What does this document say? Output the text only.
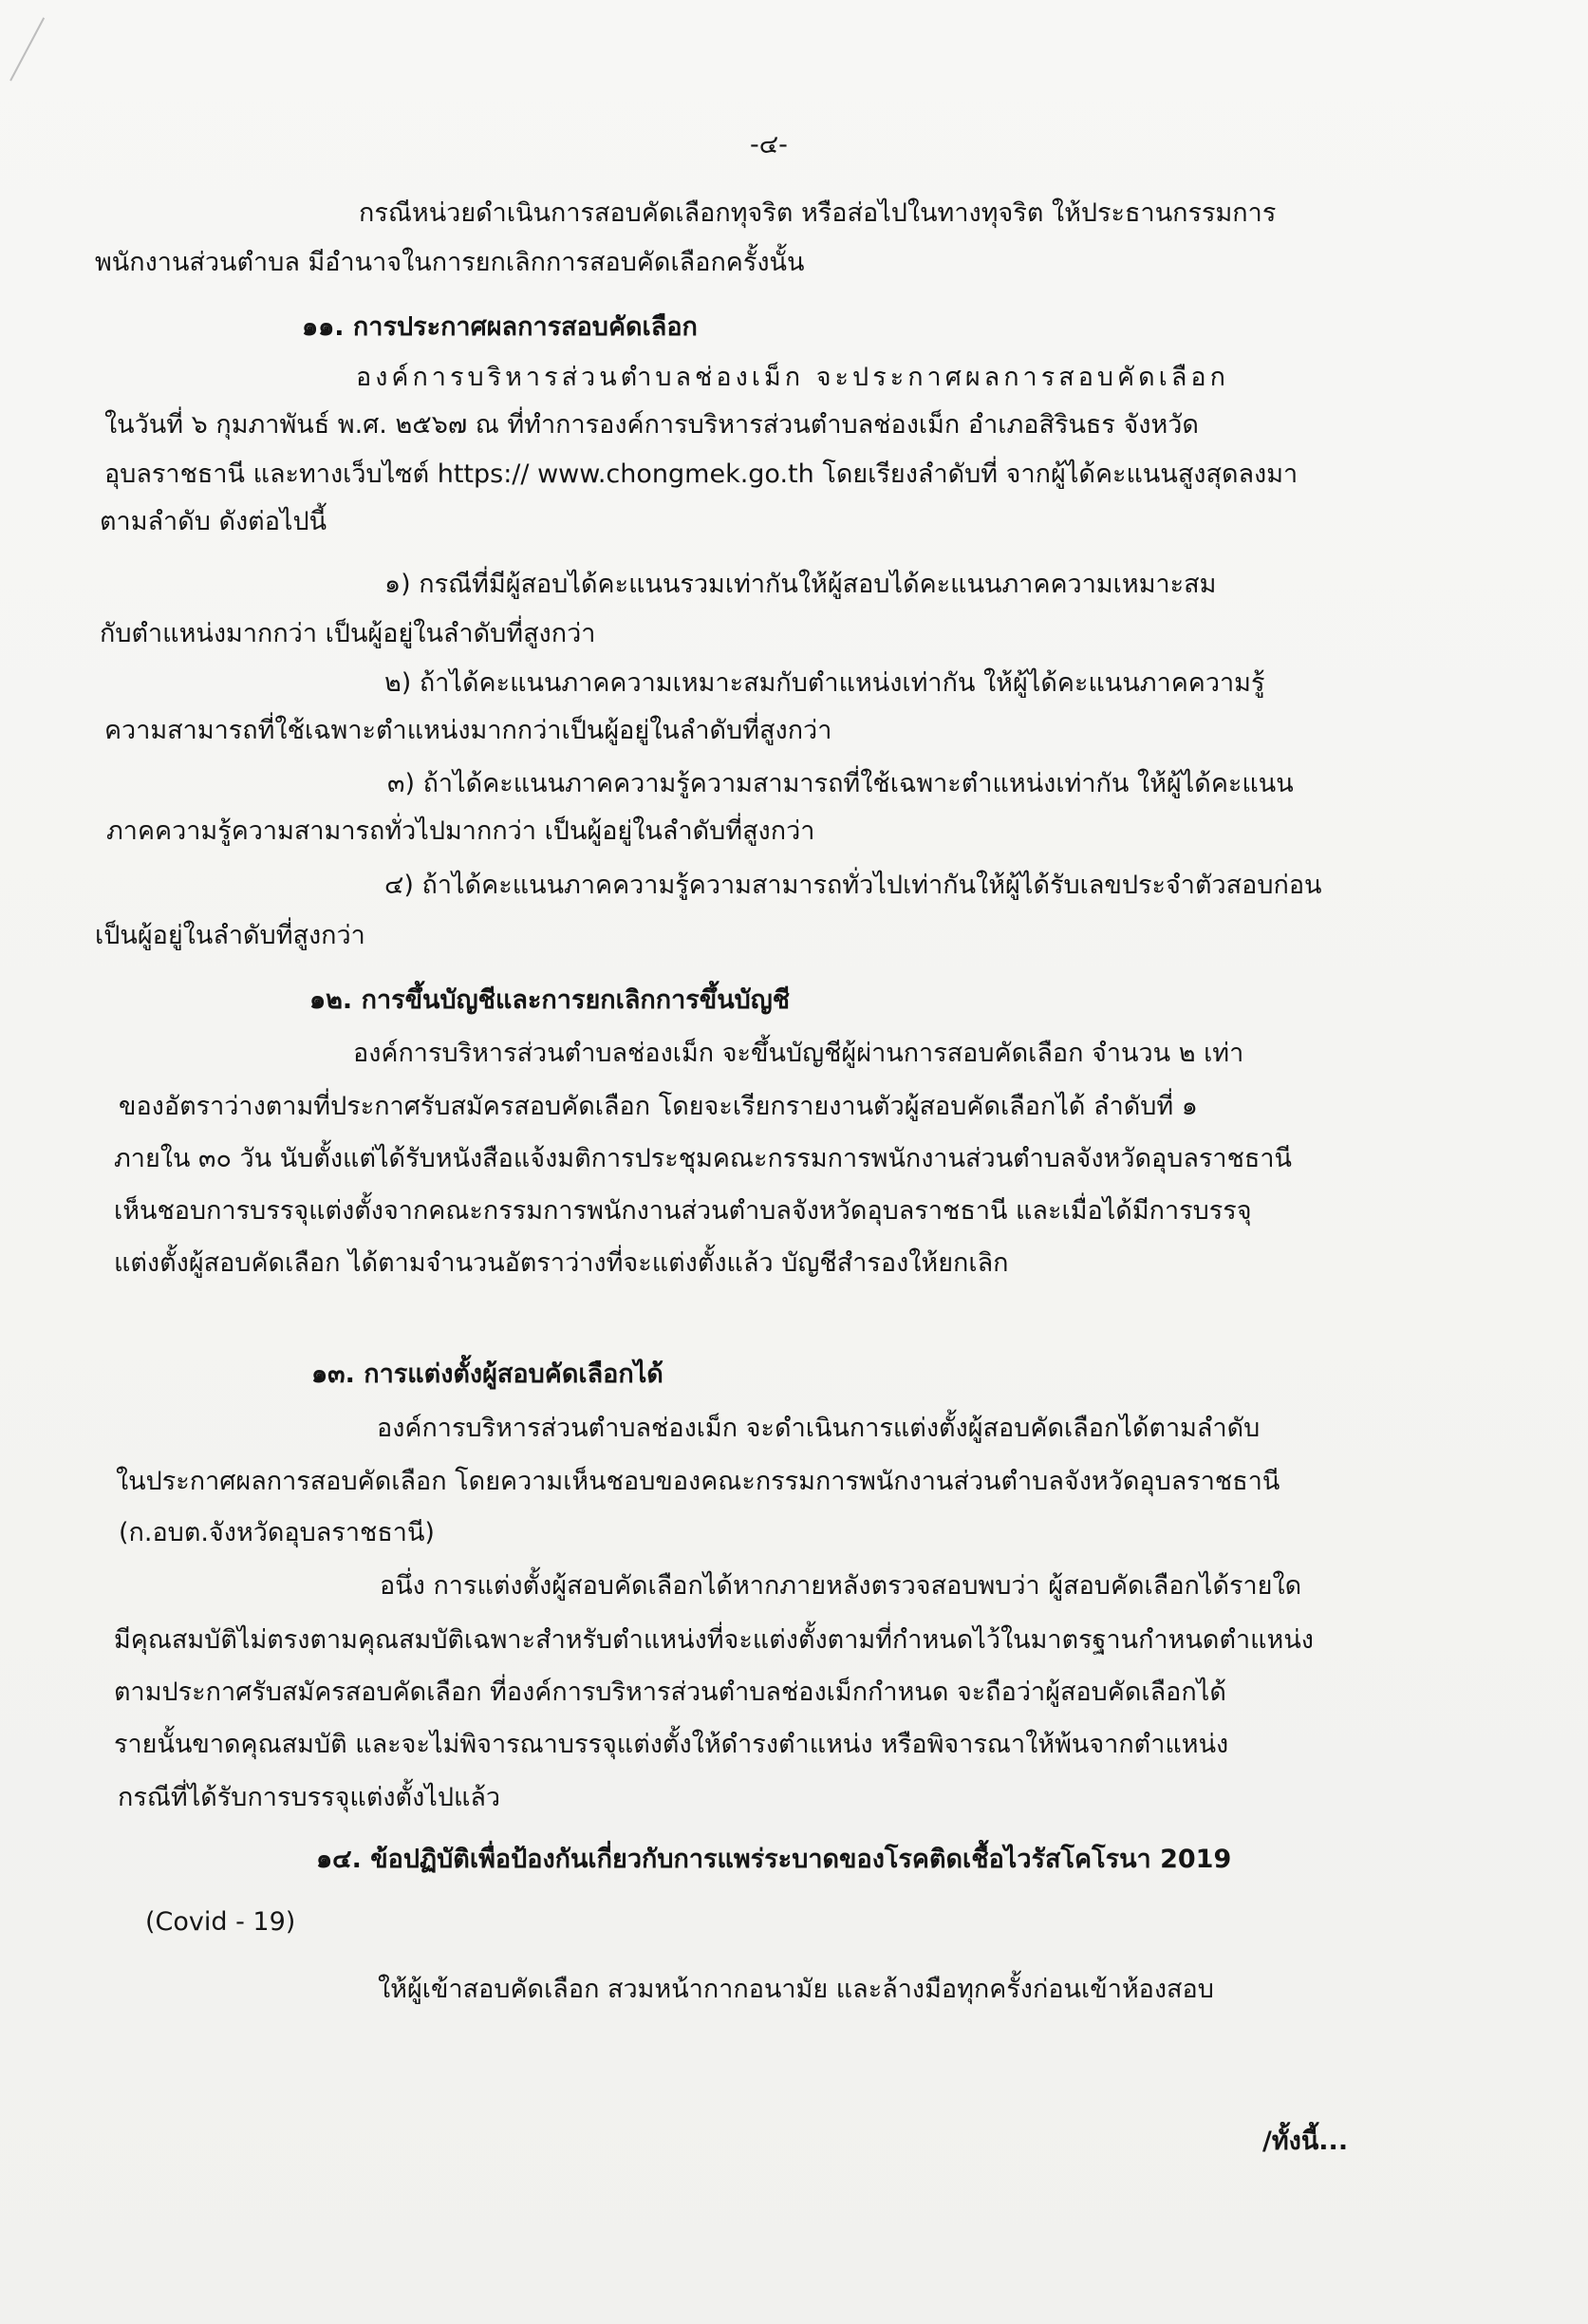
-๔-
กรณีหน่วยดำเนินการสอบคัดเลือกทุจริต หรือส่อไปในทางทุจริต ให้ประธานกรรมการ
พนักงานส่วนตำบล มีอำนาจในการยกเลิกการสอบคัดเลือกครั้งนั้น
๑๑. การประกาศผลการสอบคัดเลือก
องค์การบริหารส่วนตำบลช่องเม็ก จะประกาศผลการสอบคัดเลือก
ในวันที่ ๖ กุมภาพันธ์ พ.ศ. ๒๕๖๗ ณ ที่ทำการองค์การบริหารส่วนตำบลช่องเม็ก อำเภอสิรินธร จังหวัด
อุบลราชธานี และทางเว็บไซต์ https:// www.chongmek.go.th โดยเรียงลำดับที่ จากผู้ได้คะแนนสูงสุดลงมา
ตามลำดับ ดังต่อไปนี้
๑) กรณีที่มีผู้สอบได้คะแนนรวมเท่ากันให้ผู้สอบได้คะแนนภาคความเหมาะสม
กับตำแหน่งมากกว่า เป็นผู้อยู่ในลำดับที่สูงกว่า
๒) ถ้าได้คะแนนภาคความเหมาะสมกับตำแหน่งเท่ากัน ให้ผู้ได้คะแนนภาคความรู้
ความสามารถที่ใช้เฉพาะตำแหน่งมากกว่าเป็นผู้อยู่ในลำดับที่สูงกว่า
๓) ถ้าได้คะแนนภาคความรู้ความสามารถที่ใช้เฉพาะตำแหน่งเท่ากัน ให้ผู้ได้คะแนน
ภาคความรู้ความสามารถทั่วไปมากกว่า เป็นผู้อยู่ในลำดับที่สูงกว่า
๔) ถ้าได้คะแนนภาคความรู้ความสามารถทั่วไปเท่ากันให้ผู้ได้รับเลขประจำตัวสอบก่อน
เป็นผู้อยู่ในลำดับที่สูงกว่า
๑๒. การขึ้นบัญชีและการยกเลิกการขึ้นบัญชี
องค์การบริหารส่วนตำบลช่องเม็ก จะขึ้นบัญชีผู้ผ่านการสอบคัดเลือก จำนวน ๒ เท่า
ของอัตราว่างตามที่ประกาศรับสมัครสอบคัดเลือก โดยจะเรียกรายงานตัวผู้สอบคัดเลือกได้ ลำดับที่ ๑
ภายใน ๓๐ วัน นับตั้งแต่ได้รับหนังสือแจ้งมติการประชุมคณะกรรมการพนักงานส่วนตำบลจังหวัดอุบลราชธานี
เห็นชอบการบรรจุแต่งตั้งจากคณะกรรมการพนักงานส่วนตำบลจังหวัดอุบลราชธานี และเมื่อได้มีการบรรจุ
แต่งตั้งผู้สอบคัดเลือก ได้ตามจำนวนอัตราว่างที่จะแต่งตั้งแล้ว บัญชีสำรองให้ยกเลิก
๑๓. การแต่งตั้งผู้สอบคัดเลือกได้
องค์การบริหารส่วนตำบลช่องเม็ก จะดำเนินการแต่งตั้งผู้สอบคัดเลือกได้ตามลำดับ
ในประกาศผลการสอบคัดเลือก โดยความเห็นชอบของคณะกรรมการพนักงานส่วนตำบลจังหวัดอุบลราชธานี
(ก.อบต.จังหวัดอุบลราชธานี)
อนึ่ง การแต่งตั้งผู้สอบคัดเลือกได้หากภายหลังตรวจสอบพบว่า ผู้สอบคัดเลือกได้รายใด
มีคุณสมบัติไม่ตรงตามคุณสมบัติเฉพาะสำหรับตำแหน่งที่จะแต่งตั้งตามที่กำหนดไว้ในมาตรฐานกำหนดตำแหน่ง
ตามประกาศรับสมัครสอบคัดเลือก ที่องค์การบริหารส่วนตำบลช่องเม็กกำหนด จะถือว่าผู้สอบคัดเลือกได้
รายนั้นขาดคุณสมบัติ และจะไม่พิจารณาบรรจุแต่งตั้งให้ดำรงตำแหน่ง หรือพิจารณาให้พ้นจากตำแหน่ง
กรณีที่ได้รับการบรรจุแต่งตั้งไปแล้ว
๑๔. ข้อปฏิบัติเพื่อป้องกันเกี่ยวกับการแพร่ระบาดของโรคติดเชื้อไวรัสโคโรนา 2019
(Covid - 19)
ให้ผู้เข้าสอบคัดเลือก สวมหน้ากากอนามัย และล้างมือทุกครั้งก่อนเข้าห้องสอบ
/ทั้งนี้...
